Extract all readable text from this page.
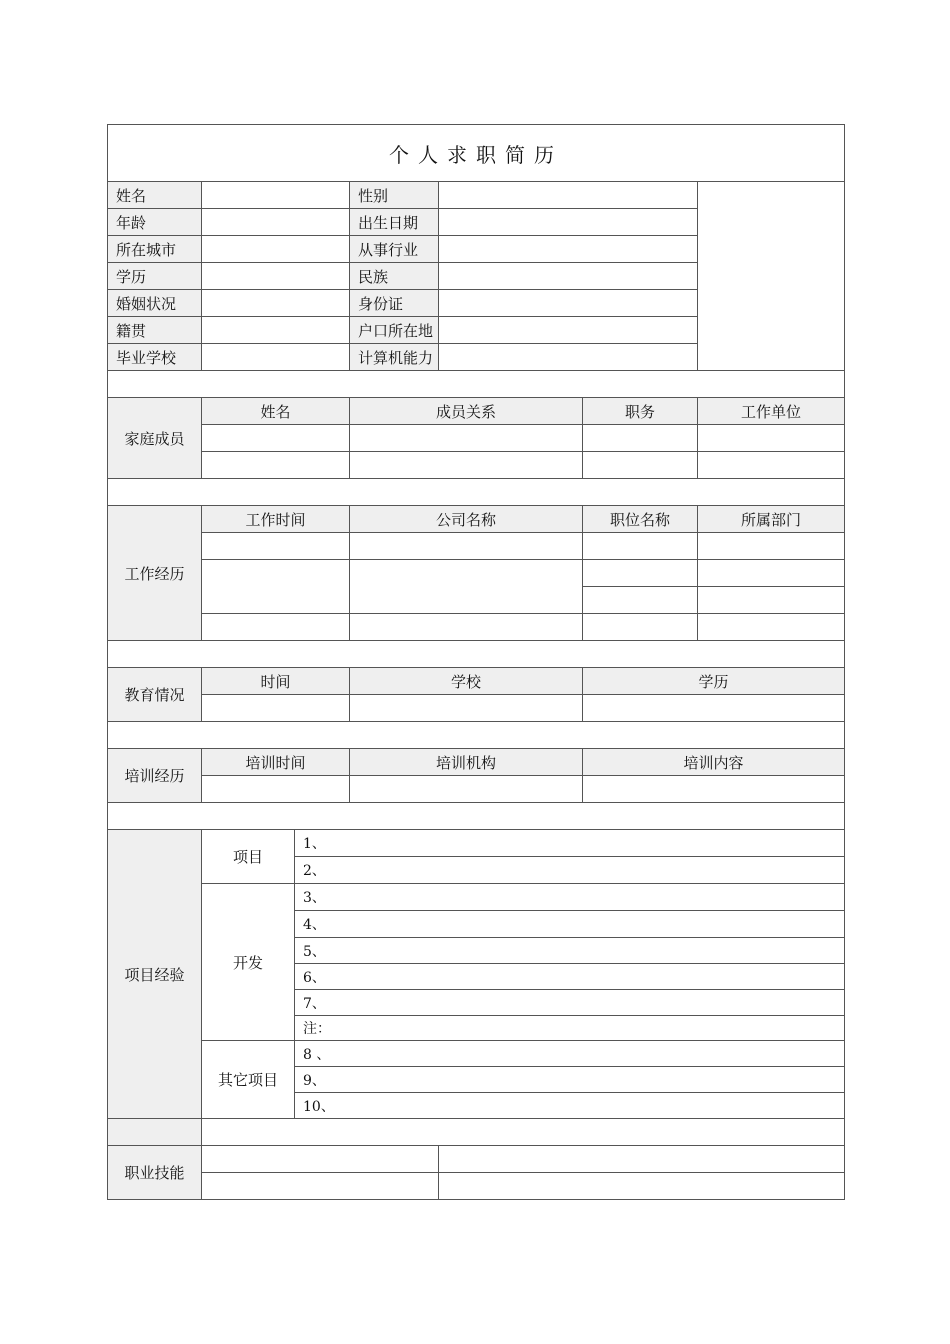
个人求职简历						
姓名			性别			
年龄			出生日期			
所在城市			从事行业			
学历			民族			
婚姻状况			身份证			
籍贯			户口所在地			
毕业学校			计算机能力			

家庭成员	姓名		成员关系		职务	工作单位

工作经历	工作时间		公司名称		职位名称	所属部门

教育情况	时间		学校		学历	

培训经历	培训时间		培训机构		培训内容	

项目经验	项目	1、				
		2、				
	开发	3、				
		4、				
		5、				
		6、				
		7、				
		注：				
	其它项目	8 、				
		9、				
		10、				

职业技能						
